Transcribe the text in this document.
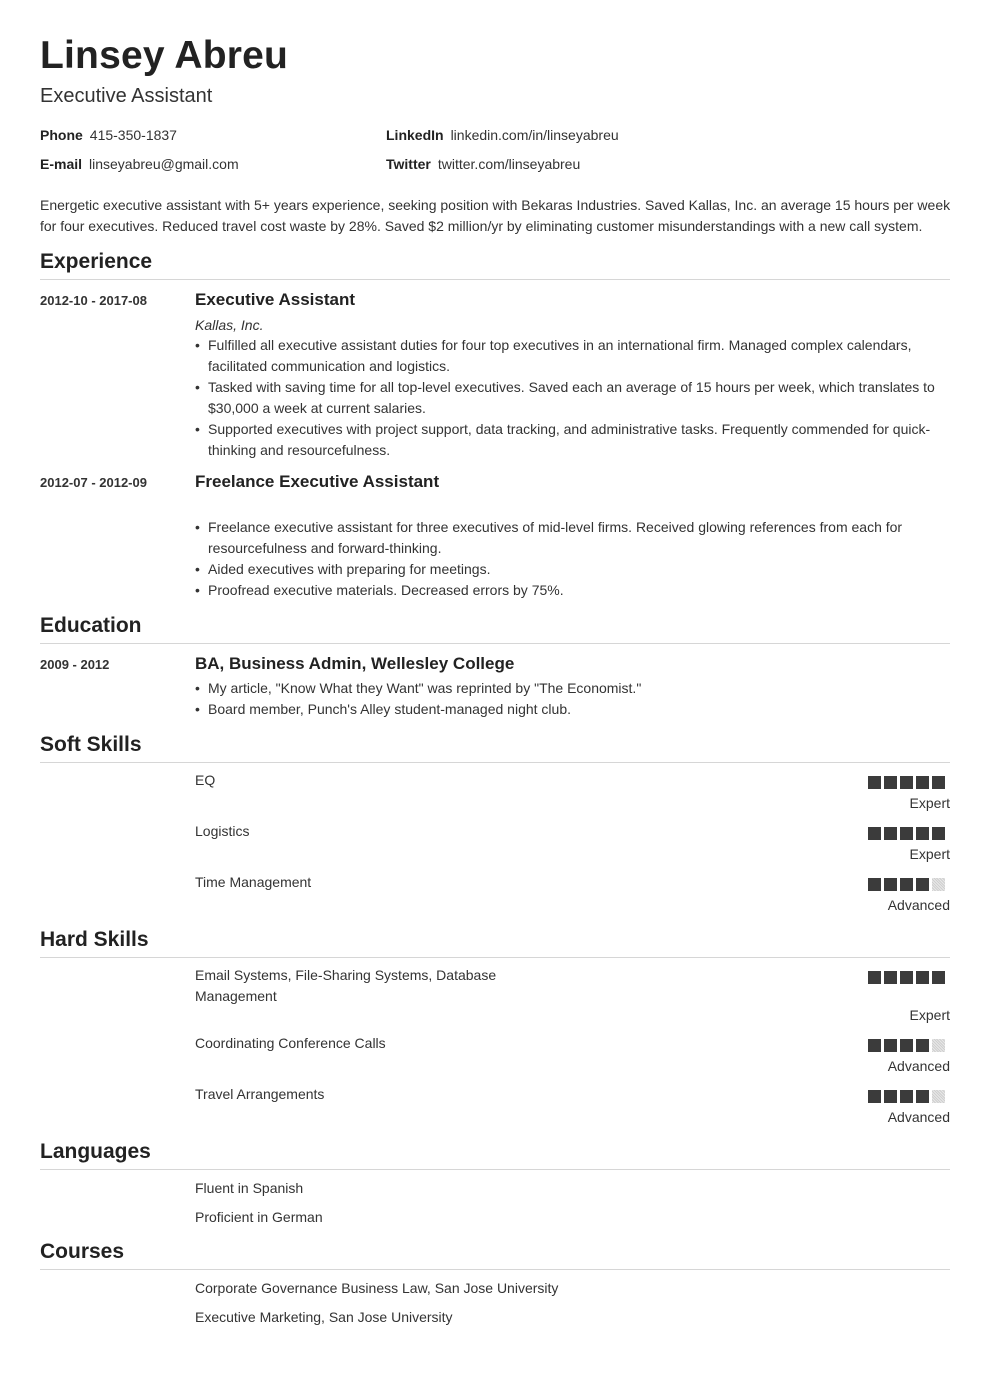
Linsey Abreu
Executive Assistant
Phone 415-350-1837
E-mail linseyabreu@gmail.com
LinkedIn linkedin.com/in/linseyabreu
Twitter twitter.com/linseyabreu
Energetic executive assistant with 5+ years experience, seeking position with Bekaras Industries. Saved Kallas, Inc. an average 15 hours per week for four executives. Reduced travel cost waste by 28%. Saved $2 million/yr by eliminating customer misunderstandings with a new call system.
Experience
2012-10 - 2017-08	Executive Assistant
Kallas, Inc.
• Fulfilled all executive assistant duties for four top executives in an international firm. Managed complex calendars, facilitated communication and logistics.
• Tasked with saving time for all top-level executives. Saved each an average of 15 hours per week, which translates to $30,000 a week at current salaries.
• Supported executives with project support, data tracking, and administrative tasks. Frequently commended for quick-thinking and resourcefulness.
2012-07 - 2012-09	Freelance Executive Assistant
• Freelance executive assistant for three executives of mid-level firms. Received glowing references from each for resourcefulness and forward-thinking.
• Aided executives with preparing for meetings.
• Proofread executive materials. Decreased errors by 75%.
Education
2009 - 2012	BA, Business Admin, Wellesley College
• My article, "Know What they Want" was reprinted by "The Economist."
• Board member, Punch's Alley student-managed night club.
Soft Skills
EQ
Expert
Logistics
Expert
Time Management
Advanced
Hard Skills
Email Systems, File-Sharing Systems, Database Management
Expert
Coordinating Conference Calls
Advanced
Travel Arrangements
Advanced
Languages
Fluent in Spanish
Proficient in German
Courses
Corporate Governance Business Law, San Jose University
Executive Marketing, San Jose University
